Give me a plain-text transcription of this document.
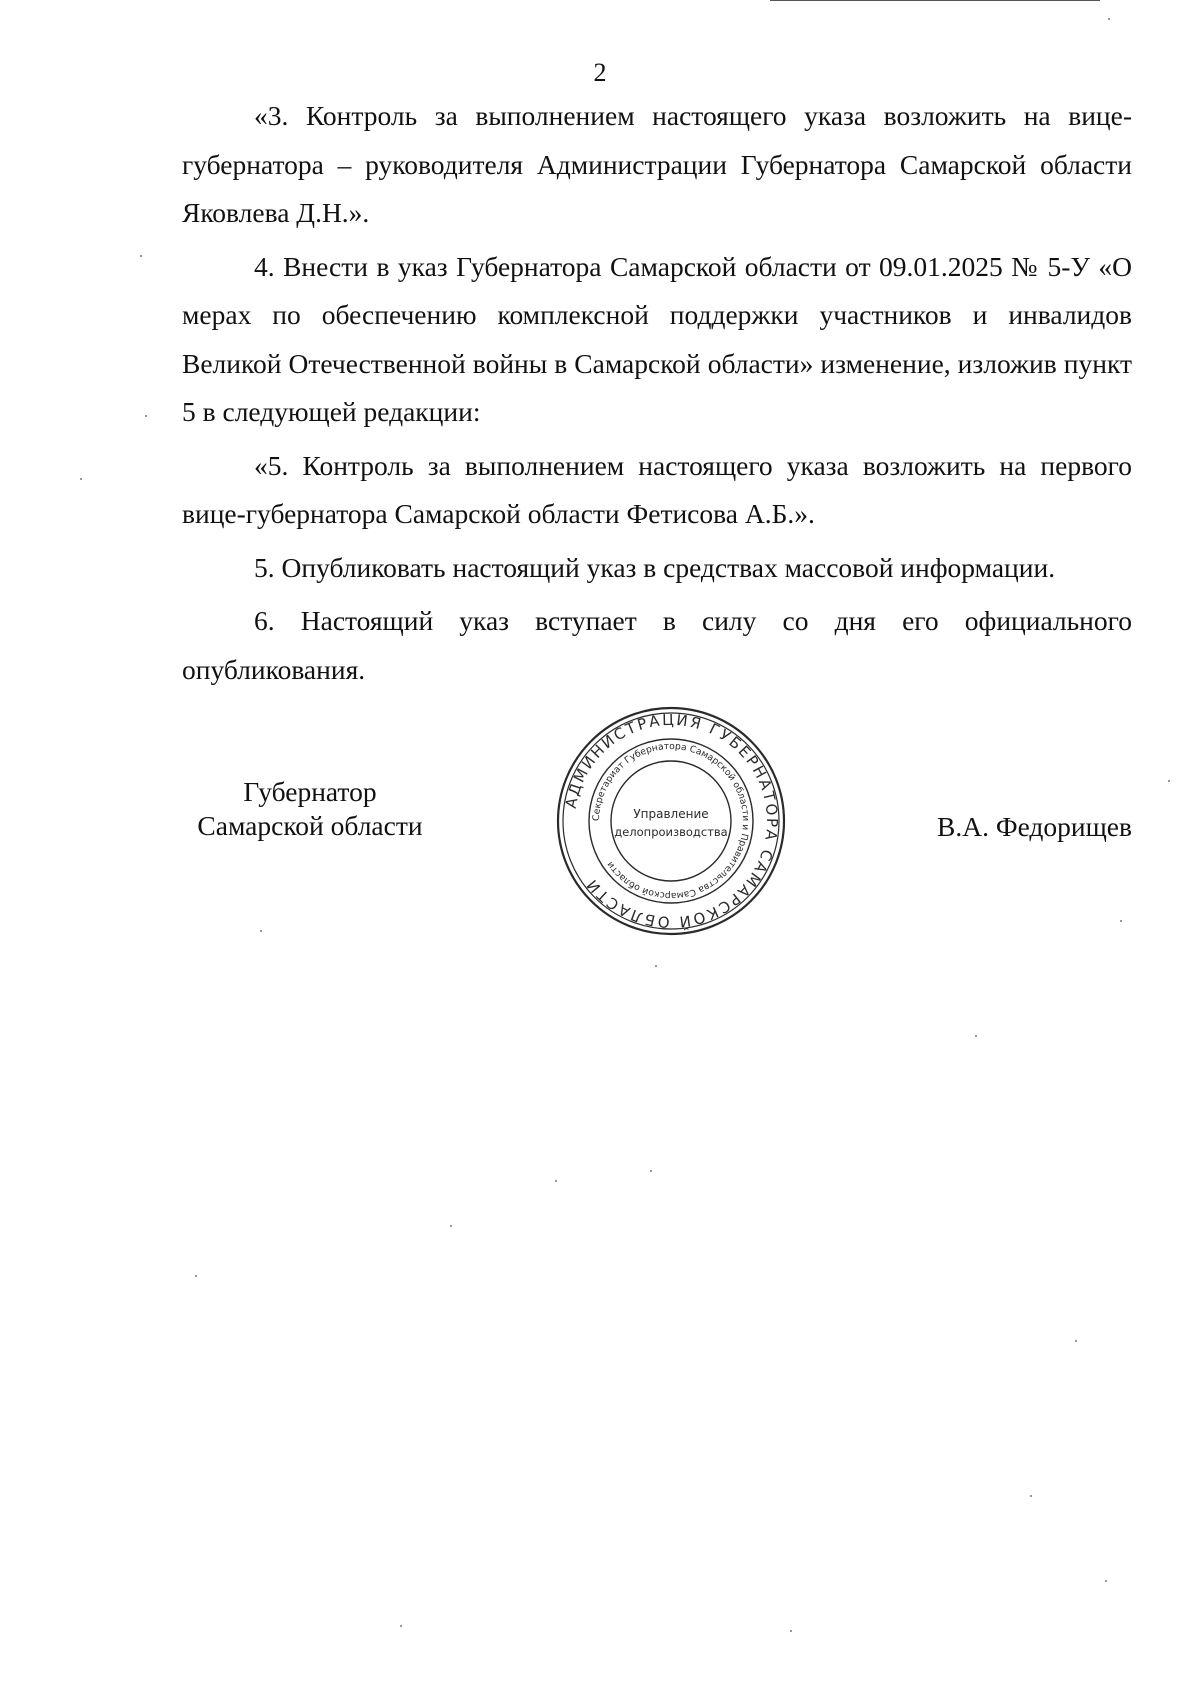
2

«3. Контроль за выполнением настоящего указа возложить на вице-губернатора – руководителя Администрации Губернатора Самарской области Яковлева Д.Н.».

4. Внести в указ Губернатора Самарской области от 09.01.2025 № 5-У «О мерах по обеспечению комплексной поддержки участников и инвалидов Великой Отечественной войны в Самарской области» изменение, изложив пункт 5 в следующей редакции:

«5. Контроль за выполнением настоящего указа возложить на первого вице-губернатора Самарской области Фетисова А.Б.».

5. Опубликовать настоящий указ в средствах массовой информации.

6. Настоящий указ вступает в силу со дня его официального опубликования.

Губернатор
Самарской области	В.А. Федорищев
АДМИНИСТРАЦИЯ ГУБЕРНАТОРА САМАРСКОЙ ОБЛАСТИ
Секретариат Губернатора Самарской области и Правительства Самарской области
Управление
делопроизводства
